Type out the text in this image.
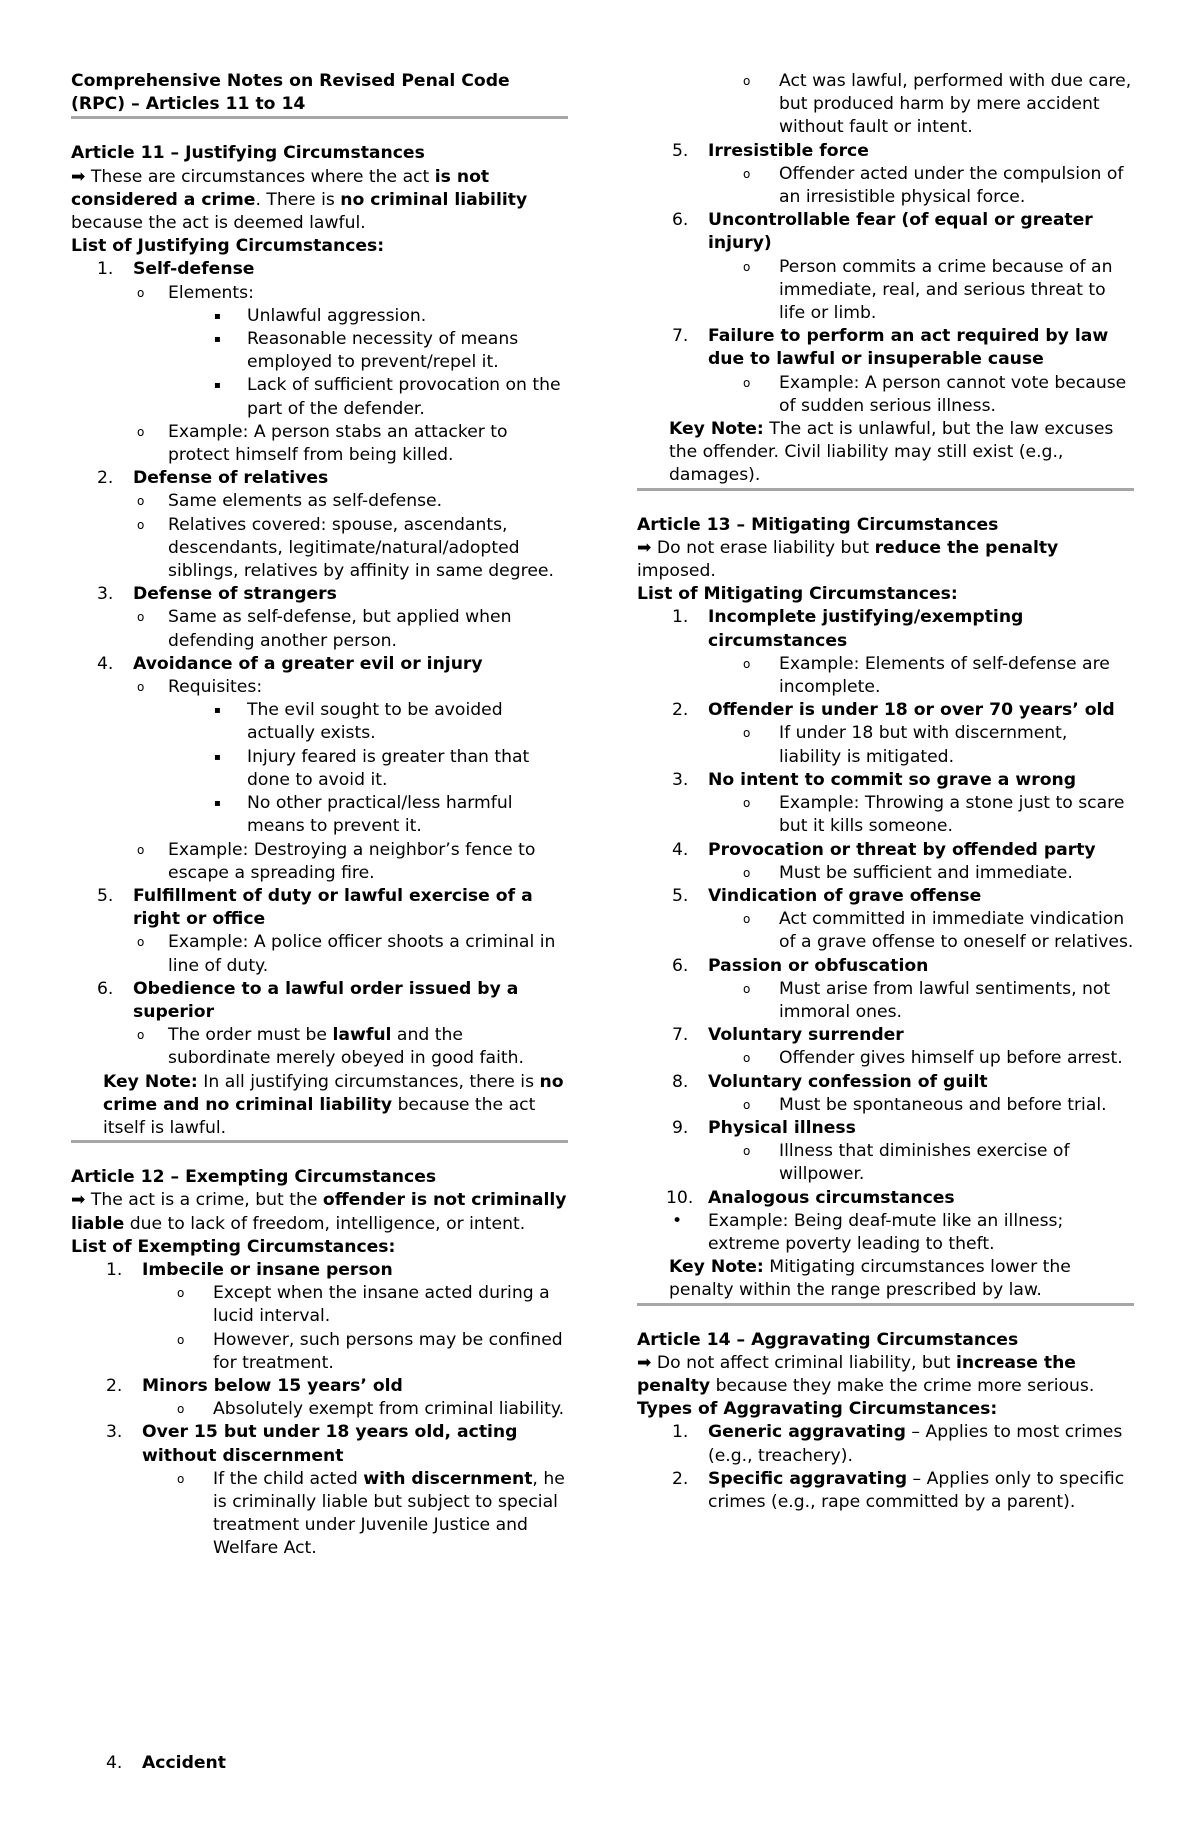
Comprehensive Notes on Revised Penal Code (RPC) – Articles 11 to 14
Article 11 – Justifying Circumstances
➡ These are circumstances where the act is not considered a crime. There is no criminal liability because the act is deemed lawful.
List of Justifying Circumstances:
1. Self-defense
o Elements:
▪ Unlawful aggression.
▪ Reasonable necessity of means employed to prevent/repel it.
▪ Lack of sufficient provocation on the part of the defender.
o Example: A person stabs an attacker to protect himself from being killed.
2. Defense of relatives
o Same elements as self-defense.
o Relatives covered: spouse, ascendants, descendants, legitimate/natural/adopted siblings, relatives by affinity in same degree.
3. Defense of strangers
o Same as self-defense, but applied when defending another person.
4. Avoidance of a greater evil or injury
o Requisites:
▪ The evil sought to be avoided actually exists.
▪ Injury feared is greater than that done to avoid it.
▪ No other practical/less harmful means to prevent it.
o Example: Destroying a neighbor’s fence to escape a spreading fire.
5. Fulfillment of duty or lawful exercise of a right or office
o Example: A police officer shoots a criminal in line of duty.
6. Obedience to a lawful order issued by a superior
o The order must be lawful and the subordinate merely obeyed in good faith.
Key Note: In all justifying circumstances, there is no crime and no criminal liability because the act itself is lawful.
Article 12 – Exempting Circumstances
➡ The act is a crime, but the offender is not criminally liable due to lack of freedom, intelligence, or intent.
List of Exempting Circumstances:
1. Imbecile or insane person
o Except when the insane acted during a lucid interval.
o However, such persons may be confined for treatment.
2. Minors below 15 years’ old
o Absolutely exempt from criminal liability.
3. Over 15 but under 18 years old, acting without discernment
o If the child acted with discernment, he is criminally liable but subject to special treatment under Juvenile Justice and Welfare Act.
4. Accident
o Act was lawful, performed with due care, but produced harm by mere accident without fault or intent.
5. Irresistible force
o Offender acted under the compulsion of an irresistible physical force.
6. Uncontrollable fear (of equal or greater injury)
o Person commits a crime because of an immediate, real, and serious threat to life or limb.
7. Failure to perform an act required by law due to lawful or insuperable cause
o Example: A person cannot vote because of sudden serious illness.
Key Note: The act is unlawful, but the law excuses the offender. Civil liability may still exist (e.g., damages).
Article 13 – Mitigating Circumstances
➡ Do not erase liability but reduce the penalty imposed.
List of Mitigating Circumstances:
1. Incomplete justifying/exempting circumstances
o Example: Elements of self-defense are incomplete.
2. Offender is under 18 or over 70 years’ old
o If under 18 but with discernment, liability is mitigated.
3. No intent to commit so grave a wrong
o Example: Throwing a stone just to scare but it kills someone.
4. Provocation or threat by offended party
o Must be sufficient and immediate.
5. Vindication of grave offense
o Act committed in immediate vindication of a grave offense to oneself or relatives.
6. Passion or obfuscation
o Must arise from lawful sentiments, not immoral ones.
7. Voluntary surrender
o Offender gives himself up before arrest.
8. Voluntary confession of guilt
o Must be spontaneous and before trial.
9. Physical illness
o Illness that diminishes exercise of willpower.
10. Analogous circumstances
• Example: Being deaf-mute like an illness; extreme poverty leading to theft.
Key Note: Mitigating circumstances lower the penalty within the range prescribed by law.
Article 14 – Aggravating Circumstances
➡ Do not affect criminal liability, but increase the penalty because they make the crime more serious.
Types of Aggravating Circumstances:
1. Generic aggravating – Applies to most crimes (e.g., treachery).
2. Specific aggravating – Applies only to specific crimes (e.g., rape committed by a parent).
